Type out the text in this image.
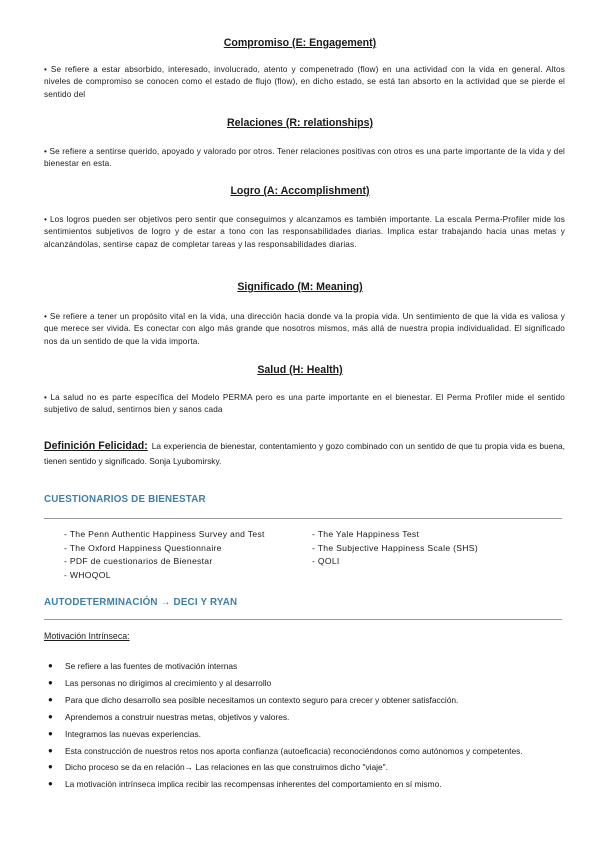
Compromiso (E: Engagement)

• Se refiere a estar absorbido, interesado, involucrado, atento y compenetrado (flow) en una actividad con la vida en general. Altos niveles de compromiso se conocen como el estado de flujo (flow), en dicho estado, se está tan absorto en la actividad que se pierde el sentido del

Relaciones (R: relationships)

• Se refiere a sentirse querido, apoyado y valorado por otros. Tener relaciones positivas con otros es una parte importante de la vida y del bienestar en esta.

Logro (A: Accomplishment)

• Los logros pueden ser objetivos pero sentir que conseguimos y alcanzamos es también importante. La escala Perma-Profiler mide los sentimientos subjetivos de logro y de estar a tono con las responsabilidades diarias. Implica estar trabajando hacia unas metas y alcanzándolas, sentirse capaz de completar tareas y las responsabilidades diarias.

Significado (M: Meaning)

• Se refiere a tener un propósito vital en la vida, una dirección hacia donde va la propia vida. Un sentimiento de que la vida es valiosa y que merece ser vivida. Es conectar con algo más grande que nosotros mismos, más allá de nuestra propia individualidad. El significado nos da un sentido de que la vida importa.

Salud (H: Health)

• La salud no es parte específica del Modelo PERMA pero es una parte importante en el bienestar. El Perma Profiler mide el sentido subjetivo de salud, sentirnos bien y sanos cada

Definición Felicidad: La experiencia de bienestar, contentamiento y gozo combinado con un sentido de que tu propia vida es buena, tienen sentido y significado. Sonja Lyubomirsky.

CUESTIONARIOS DE BIENESTAR
- The Penn Authentic Happiness Survey and Test
- The Oxford Happiness Questionnaire
- PDF de cuestionarios de Bienestar
- WHOQOL
- The Yale Happiness Test
- The Subjective Happiness Scale (SHS)
- QOLI
AUTODETERMINACIÓN → DECI Y RYAN

Motivación Intrínseca:

● Se refiere a las fuentes de motivación internas
● Las personas no dirigimos al crecimiento y al desarrollo
● Para que dicho desarrollo sea posible necesitamos un contexto seguro para crecer y obtener satisfacción.
● Aprendemos a construir nuestras metas, objetivos y valores.
● Integramos las nuevas experiencias.
● Esta construcción de nuestros retos nos aporta confianza (autoeficacia) reconociéndonos como autónomos y competentes.
● Dicho proceso se da en relación→ Las relaciones en las que construimos dicho "viaje".
● La motivación intrínseca implica recibir las recompensas inherentes del comportamiento en sí mismo.
